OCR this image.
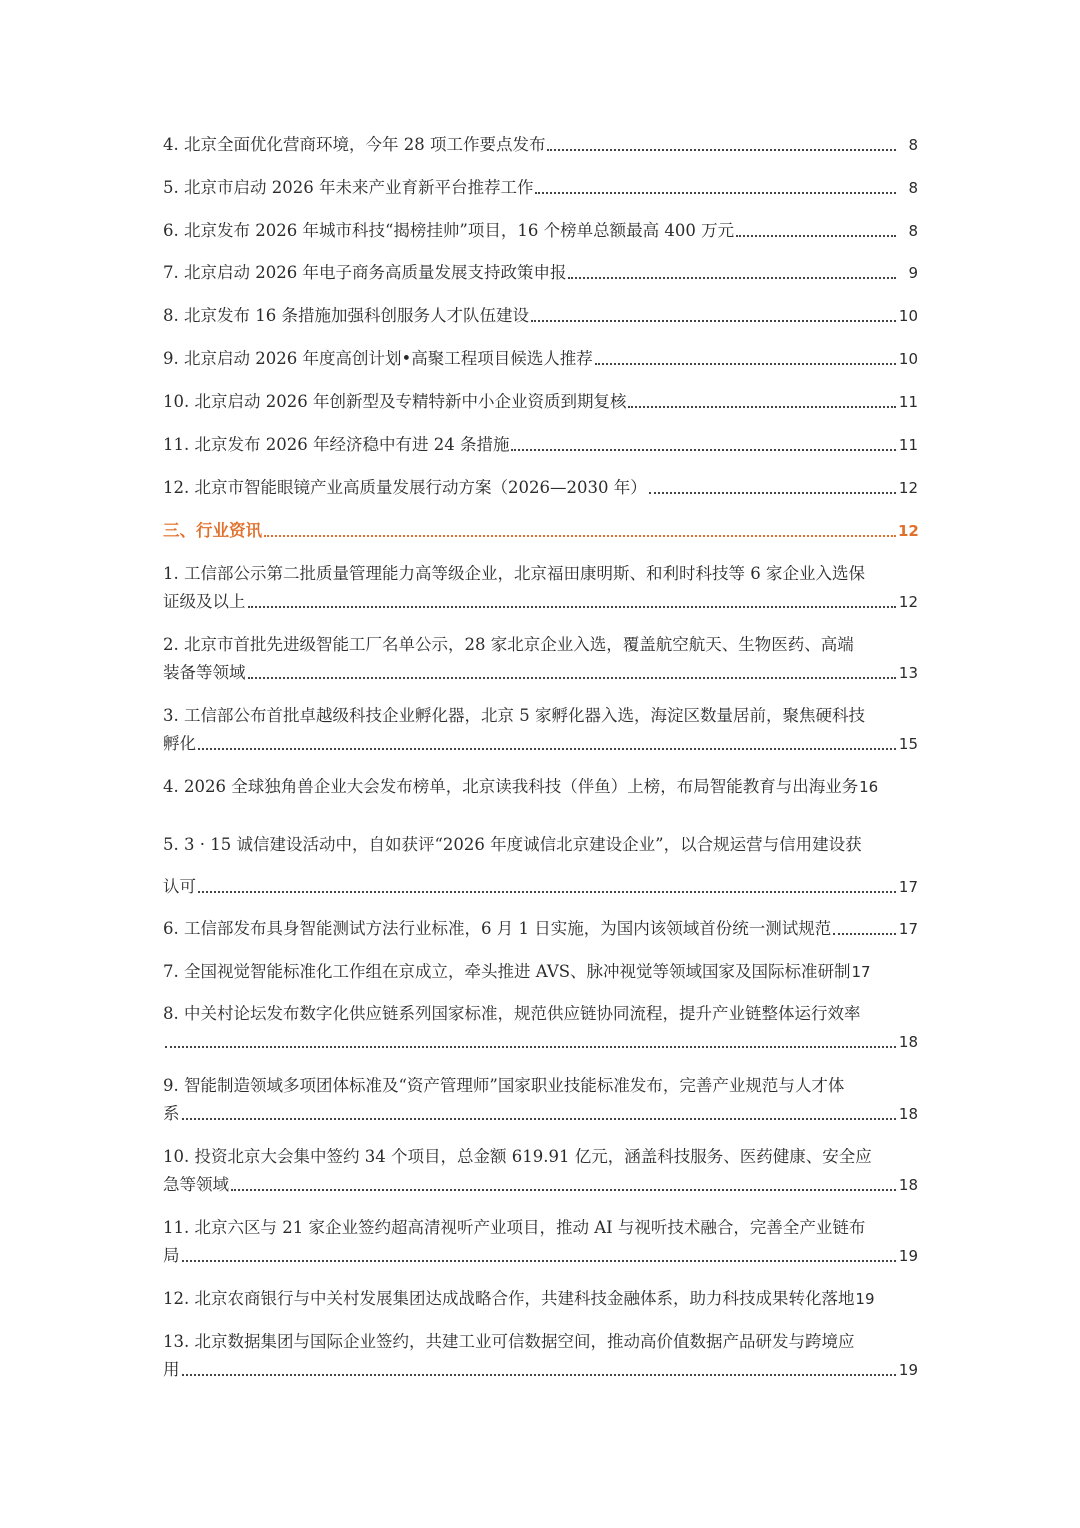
4. 北京全面优化营商环境，今年 28 项工作要点发布	8
5. 北京市启动 2026 年未来产业育新平台推荐工作	8
6. 北京发布 2026 年城市科技“揭榜挂帅”项目，16 个榜单总额最高 400 万元	8
7. 北京启动 2026 年电子商务高质量发展支持政策申报	9
8. 北京发布 16 条措施加强科创服务人才队伍建设	10
9. 北京启动 2026 年度高创计划•高聚工程项目候选人推荐	10
10. 北京启动 2026 年创新型及专精特新中小企业资质到期复核	11
11. 北京发布 2026 年经济稳中有进 24 条措施	11
12. 北京市智能眼镜产业高质量发展行动方案（2026—2030 年）	12
三、行业资讯	12
1. 工信部公示第二批质量管理能力高等级企业，北京福田康明斯、和利时科技等 6 家企业入选保
证级及以上	12
2. 北京市首批先进级智能工厂名单公示，28 家北京企业入选，覆盖航空航天、生物医药、高端
装备等领域	13
3. 工信部公布首批卓越级科技企业孵化器，北京 5 家孵化器入选，海淀区数量居前，聚焦硬科技
孵化	15
4. 2026 全球独角兽企业大会发布榜单，北京读我科技（伴鱼）上榜，布局智能教育与出海业务 16
5. 3 · 15 诚信建设活动中，自如获评“2026 年度诚信北京建设企业”，以合规运营与信用建设获
认可	17
6. 工信部发布具身智能测试方法行业标准，6 月 1 日实施，为国内该领域首份统一测试规范	17
7. 全国视觉智能标准化工作组在京成立，牵头推进 AVS、脉冲视觉等领域国家及国际标准研制 17
8. 中关村论坛发布数字化供应链系列国家标准，规范供应链协同流程，提升产业链整体运行效率
18
9. 智能制造领域多项团体标准及“资产管理师”国家职业技能标准发布，完善产业规范与人才体
系	18
10. 投资北京大会集中签约 34 个项目，总金额 619.91 亿元，涵盖科技服务、医药健康、安全应
急等领域	18
11. 北京六区与 21 家企业签约超高清视听产业项目，推动 AI 与视听技术融合，完善全产业链布
局	19
12. 北京农商银行与中关村发展集团达成战略合作，共建科技金融体系，助力科技成果转化落地 19
13. 北京数据集团与国际企业签约，共建工业可信数据空间，推动高价值数据产品研发与跨境应
用	19
